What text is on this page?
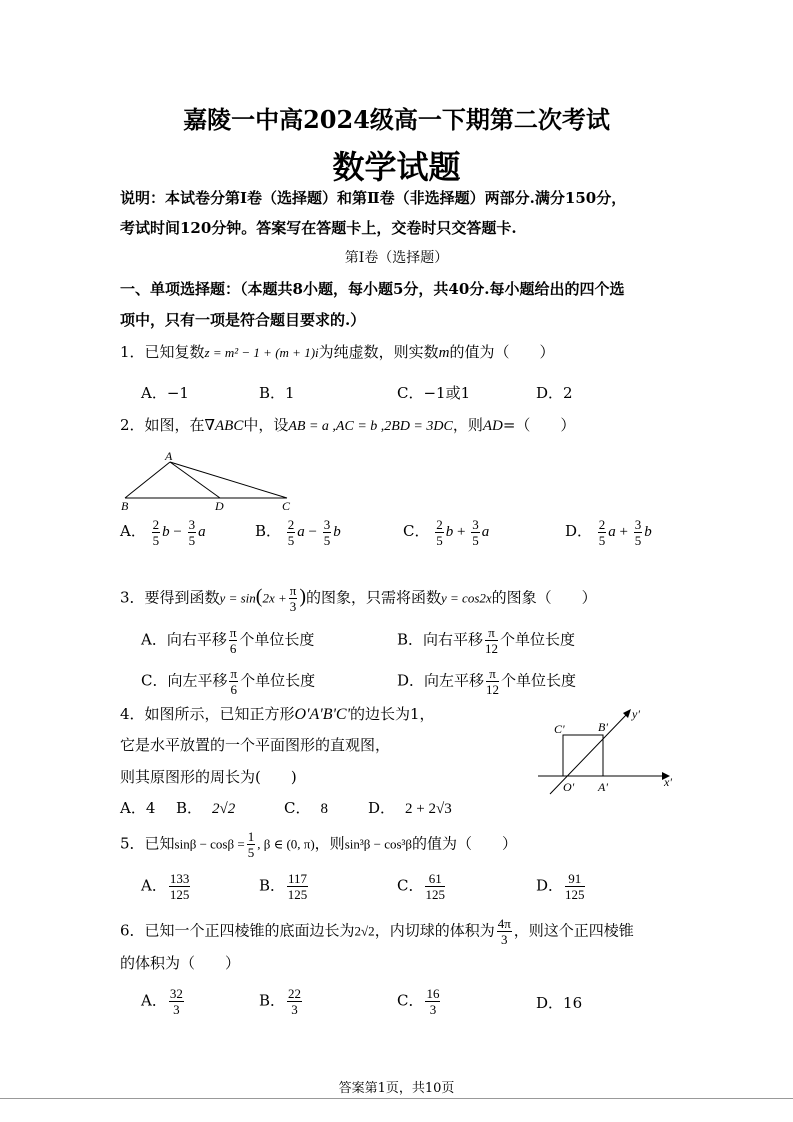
嘉陵一中高2024级高一下期第二次考试
数学试题
说明：本试卷分第Ⅰ卷（选择题）和第Ⅱ卷（非选择题）两部分.满分150分，
考试时间120分钟。答案写在答题卡上，交卷时只交答题卡.
第Ⅰ卷（选择题）
一、单项选择题：（本题共8小题，每小题5分，共40分.每小题给出的四个选
项中，只有一项是符合题目要求的.）
1．已知复数z = m² − 1 + (m + 1)i为纯虚数，则实数m的值为（　　）
A．−1	B．1	C．−1或1	D．2
2．如图，在∇ABC中，设AB = a ,AC = b ,2BD = 3DC，则AD=（　　）
A
B	D	C
A． $\frac{2}{5}$ $b - \frac{3}{5}$ a	B． $\frac{2}{5}$ $a - \frac{3}{5}$ b	C． $\frac{2}{5}$ $b + \frac{3}{5}$ a	D． $\frac{2}{5}$ $a + \frac{3}{5}$ b
3．要得到函数$y = \sin(2x + \frac{\pi}{3}$ )的图象，只需将函数y = cos2x的图象（　　）
A．向右平移 $\frac{\pi}{6}$ 个单位长度	B．向右平移 $\frac{\pi}{12}$ 个单位长度
C．向左平移 $\frac{\pi}{6}$ 个单位长度	D．向左平移 $\frac{\pi}{12}$ 个单位长度
4．如图所示，已知正方形O'A'B'C'的边长为1，
它是水平放置的一个平面图形的直观图，
则其原图形的周长为(　　)
A．4 B． 2√2	C． 8	D． 2 + 2√3
C'	B'
y'
O' A'	x'
5．已知$\sin\beta - \cos\beta = \frac{1}{5}$ , β ∈ (0, π)，则sin³β − cos³β的值为（　　）
A． $\frac{133}{125}$	B． $\frac{117}{125}$	C． $\frac{61}{125}$	D． $\frac{91}{125}$
6．已知一个正四棱锥的底面边长为2√2，内切球的体积为 $\frac{4\pi}{3}$ ，则这个正四棱锥
的体积为（　　）
A． $\frac{32}{3}$	B． $\frac{22}{3}$	C． $\frac{16}{3}$	D．16
答案第1页，共10页
